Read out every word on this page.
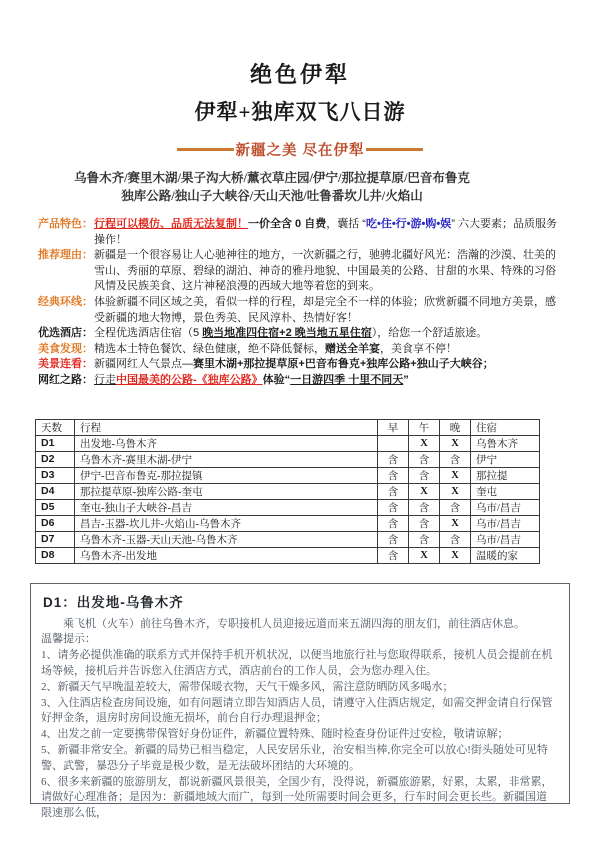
绝色伊犁
伊犁+独库双飞八日游
新疆之美 尽在伊犁
乌鲁木齐/赛里木湖/果子沟大桥/薰衣草庄园/伊宁/那拉提草原/巴音布鲁克
独库公路/独山子大峡谷/天山天池/吐鲁番坎儿井/火焰山
产品特色： 行程可以模仿、品质无法复制！一价全含 0 自费，囊括 “吃•住•行•游•购•娱” 六大要素；品质服务操作！
推荐理由： 新疆是一个很容易让人心驰神往的地方，一次新疆之行，驰骋北疆好风光：浩瀚的沙漠、壮美的雪山、秀丽的草原、碧绿的湖泊、神奇的雅丹地貌、中国最美的公路、甘甜的水果、特殊的习俗风情及民族美食、这片神秘浪漫的西域大地等着您的到来。
经典环线： 体验新疆不同区域之美，看似一样的行程，却是完全不一样的体验；欣赏新疆不同地方美景，感受新疆的地大物博，景色秀美、民风淳朴、热情好客！
优选酒店： 全程优选酒店住宿（5 晚当地准四住宿+2 晚当地五星住宿），给您一个舒适旅途。
美食发现： 精选本土特色餐饮、绿色健康，绝不降低餐标，赠送全羊宴，美食享不停！
美景连看： 新疆网红人气景点—赛里木湖+那拉提草原+巴音布鲁克+独库公路+独山子大峡谷；
网红之路： 行走中国最美的公路-《独库公路》体验“一日游四季 十里不同天”
天数	行程	早	午	晚	住宿
D1	出发地-乌鲁木齐		X	X	乌鲁木齐
D2	乌鲁木齐-赛里木湖-伊宁	含	含	含	伊宁
D3	伊宁-巴音布鲁克-那拉提镇	含	含	X	那拉提
D4	那拉提草原-独库公路-奎屯	含	X	X	奎屯
D5	奎屯-独山子大峡谷-昌吉	含	含	含	乌市/昌吉
D6	昌吉-玉器-坎儿井-火焰山-乌鲁木齐	含	含	X	乌市/昌吉
D7	乌鲁木齐-玉器-天山天池-乌鲁木齐	含	含	含	乌市/昌吉
D8	乌鲁木齐-出发地	含	X	X	温暖的家
D1：出发地-乌鲁木齐
乘飞机（火车）前往乌鲁木齐，专职接机人员迎接远道而来五湖四海的朋友们，前往酒店休息。
温馨提示：
1、请务必提供准确的联系方式并保持手机开机状况，以便当地旅行社与您取得联系，接机人员会提前在机场等候，接机后并告诉您入住酒店方式，酒店前台的工作人员，会为您办理入住。
2、新疆天气早晚温差较大，需带保暖衣物，天气干燥多风，需注意防晒防风多喝水；
3、入住酒店检查房间设施，如有问题请立即告知酒店人员，请遵守入住酒店规定，如需交押金请自行保管好押金条，退房时房间设施无损坏，前台自行办理退押金；
4、出发之前一定要携带保管好身份证件，新疆位置特殊、随时检查身份证件过安检，敬请谅解；
5、新疆非常安全。新疆的局势已相当稳定，人民安居乐业，治安相当棒,你完全可以放心!街头随处可见特警、武警，暴恐分子毕竟是极少数，是无法破坏团结的大环境的。
6、很多来新疆的旅游朋友，都说新疆风景很美，全国少有，没得说，新疆旅游累，好累，太累，非常累，请做好心理准备；是因为：新疆地域大而广，每到一处所需要时间会更多，行车时间会更长些。新疆国道限速那么低，
